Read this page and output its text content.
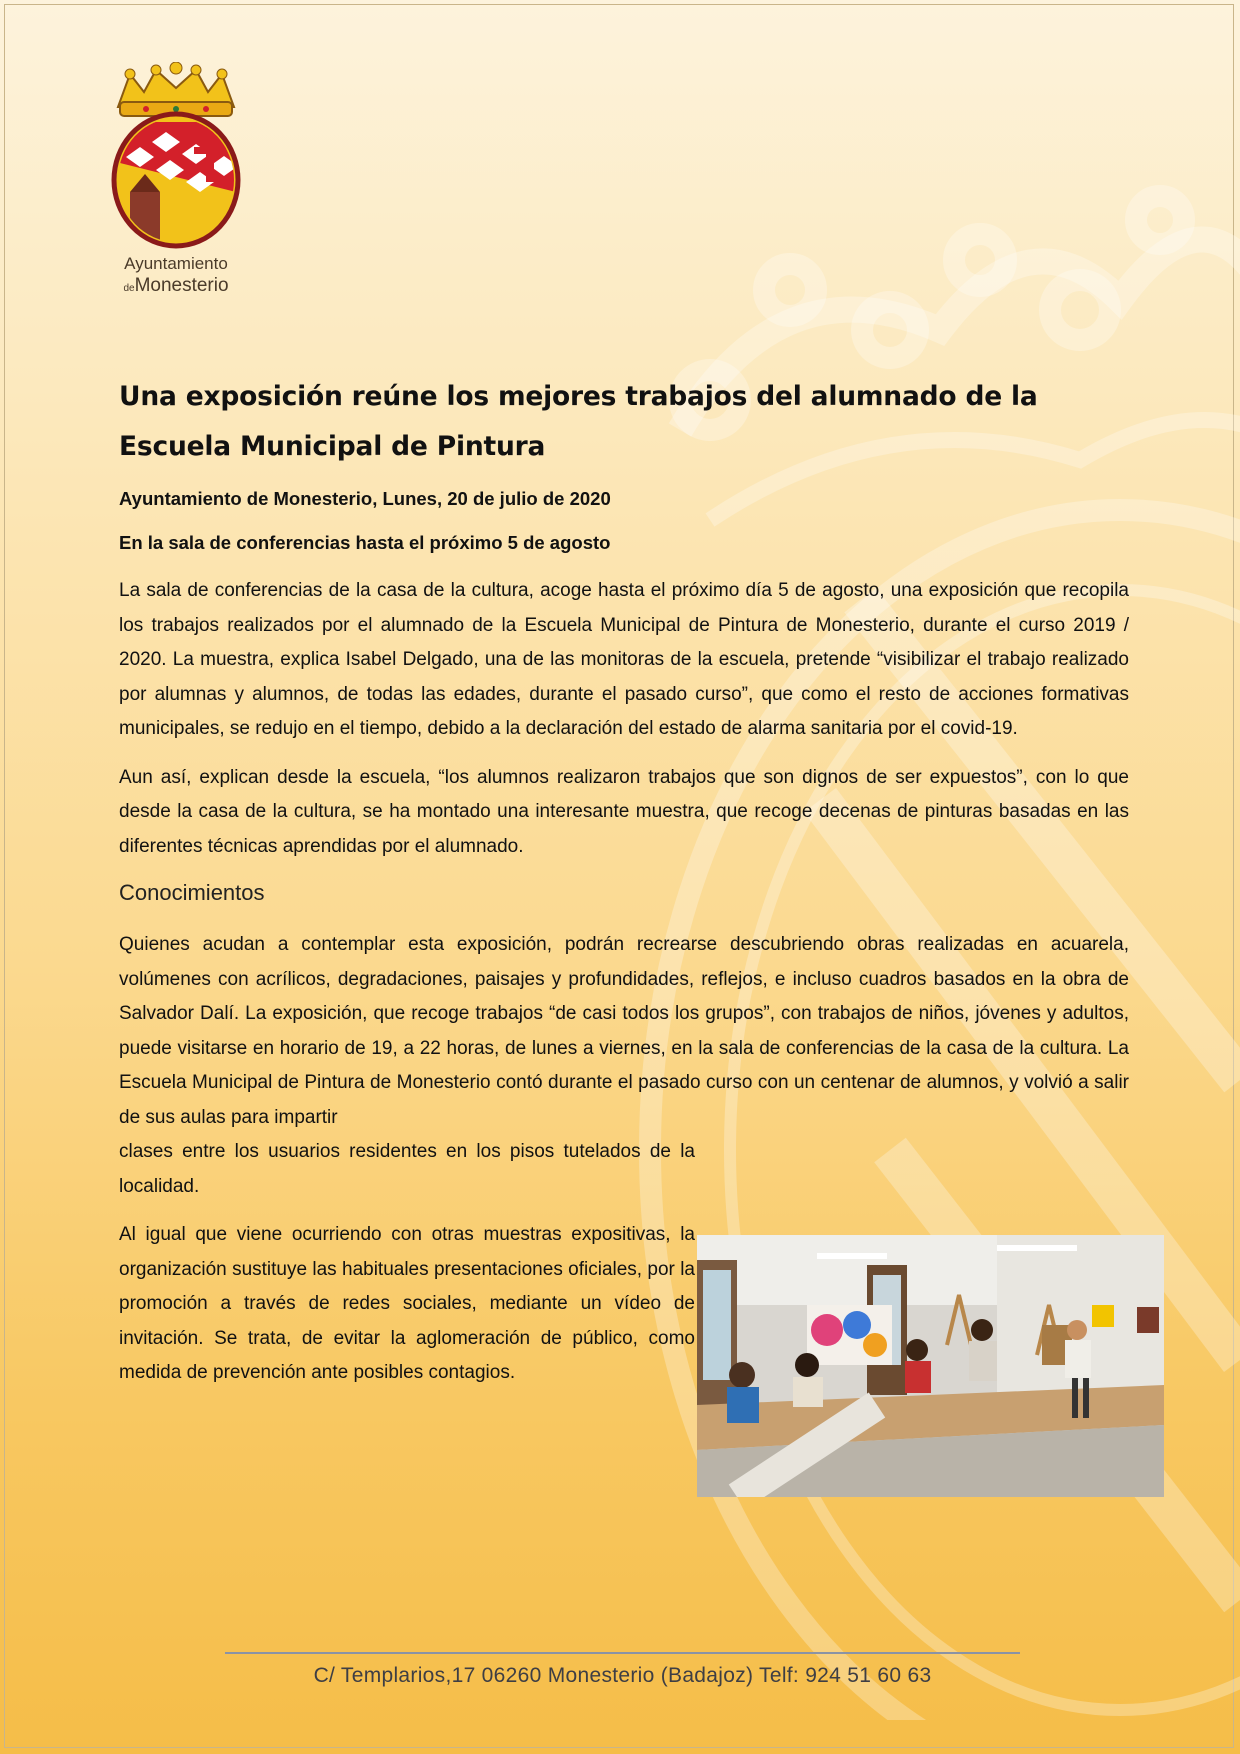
Ayuntamiento
deMonesterio
Una exposición reúne los mejores trabajos del alumnado de la Escuela Municipal de Pintura

Ayuntamiento de Monesterio, Lunes, 20 de julio de 2020

En la sala de conferencias hasta el próximo 5 de agosto

La sala de conferencias de la casa de la cultura, acoge hasta el próximo día 5 de agosto, una exposición que recopila los trabajos realizados por el alumnado de la Escuela Municipal de Pintura de Monesterio, durante el curso 2019 / 2020. La muestra, explica Isabel Delgado, una de las monitoras de la escuela, pretende “visibilizar el trabajo realizado por alumnas y alumnos, de todas las edades, durante el pasado curso”, que como el resto de acciones formativas municipales, se redujo en el tiempo, debido a la declaración del estado de alarma sanitaria por el covid-19.

Aun así, explican desde la escuela, “los alumnos realizaron trabajos que son dignos de ser expuestos”, con lo que desde la casa de la cultura, se ha montado una interesante muestra, que recoge decenas de pinturas basadas en las diferentes técnicas aprendidas por el alumnado.

Conocimientos

Quienes acudan a contemplar esta exposición, podrán recrearse descubriendo obras realizadas en acuarela, volúmenes con acrílicos, degradaciones, paisajes y profundidades, reflejos, e incluso cuadros basados en la obra de Salvador Dalí. La exposición, que recoge trabajos “de casi todos los grupos”, con trabajos de niños, jóvenes y adultos, puede visitarse en horario de 19, a 22 horas, de lunes a viernes, en la sala de conferencias de la casa de la cultura. La Escuela Municipal de Pintura de Monesterio contó durante el pasado curso con un centenar de alumnos, y volvió a salir de sus aulas para impartir

clases entre los usuarios residentes en los pisos tutelados de la localidad.

Al igual que viene ocurriendo con otras muestras expositivas, la organización sustituye las habituales presentaciones oficiales, por la promoción a través de redes sociales, mediante un vídeo de invitación. Se trata, de evitar la aglomeración de público, como medida de prevención ante posibles contagios.

C/ Templarios,17 06260 Monesterio (Badajoz) Telf: 924 51 60 63
